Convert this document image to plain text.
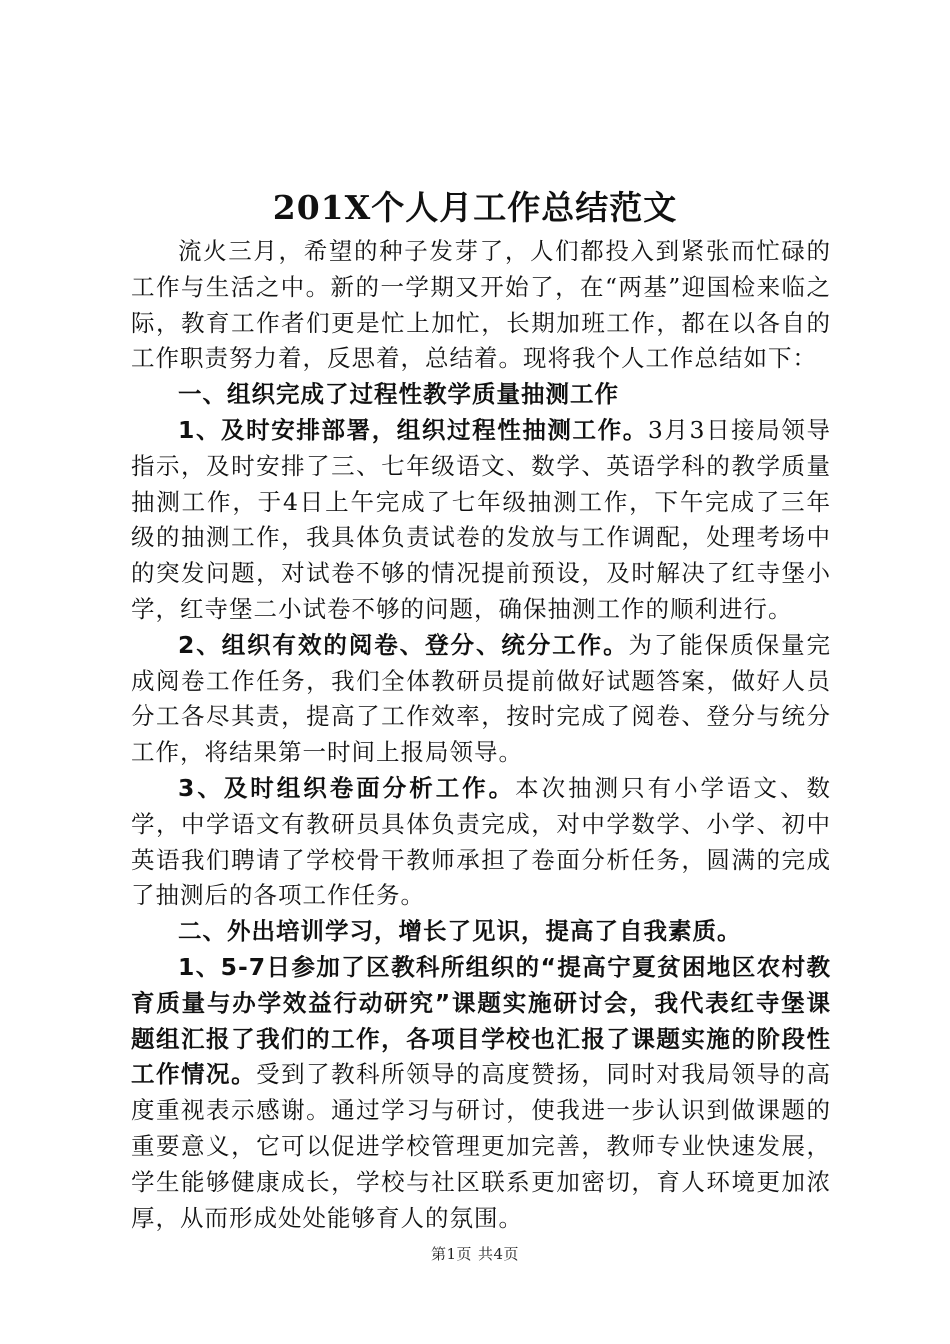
201X个人月工作总结范文

流火三月，希望的种子发芽了，人们都投入到紧张而忙碌的工作与生活之中。新的一学期又开始了，在“两基”迎国检来临之际，教育工作者们更是忙上加忙，长期加班工作，都在以各自的工作职责努力着，反思着，总结着。现将我个人工作总结如下：

一、组织完成了过程性教学质量抽测工作

1、及时安排部署，组织过程性抽测工作。3月3日接局领导指示，及时安排了三、七年级语文、数学、英语学科的教学质量抽测工作，于4日上午完成了七年级抽测工作，下午完成了三年级的抽测工作，我具体负责试卷的发放与工作调配，处理考场中的突发问题，对试卷不够的情况提前预设，及时解决了红寺堡小学，红寺堡二小试卷不够的问题，确保抽测工作的顺利进行。

2、组织有效的阅卷、登分、统分工作。为了能保质保量完成阅卷工作任务，我们全体教研员提前做好试题答案，做好人员分工各尽其责，提高了工作效率，按时完成了阅卷、登分与统分工作，将结果第一时间上报局领导。

3、及时组织卷面分析工作。本次抽测只有小学语文、数学，中学语文有教研员具体负责完成，对中学数学、小学、初中英语我们聘请了学校骨干教师承担了卷面分析任务，圆满的完成了抽测后的各项工作任务。

二、外出培训学习，增长了见识，提高了自我素质。

1、5-7日参加了区教科所组织的“提高宁夏贫困地区农村教育质量与办学效益行动研究”课题实施研讨会，我代表红寺堡课题组汇报了我们的工作，各项目学校也汇报了课题实施的阶段性工作情况。受到了教科所领导的高度赞扬，同时对我局领导的高度重视表示感谢。通过学习与研讨，使我进一步认识到做课题的重要意义，它可以促进学校管理更加完善，教师专业快速发展，学生能够健康成长，学校与社区联系更加密切，育人环境更加浓厚，从而形成处处能够育人的氛围。

第1页 共4页
